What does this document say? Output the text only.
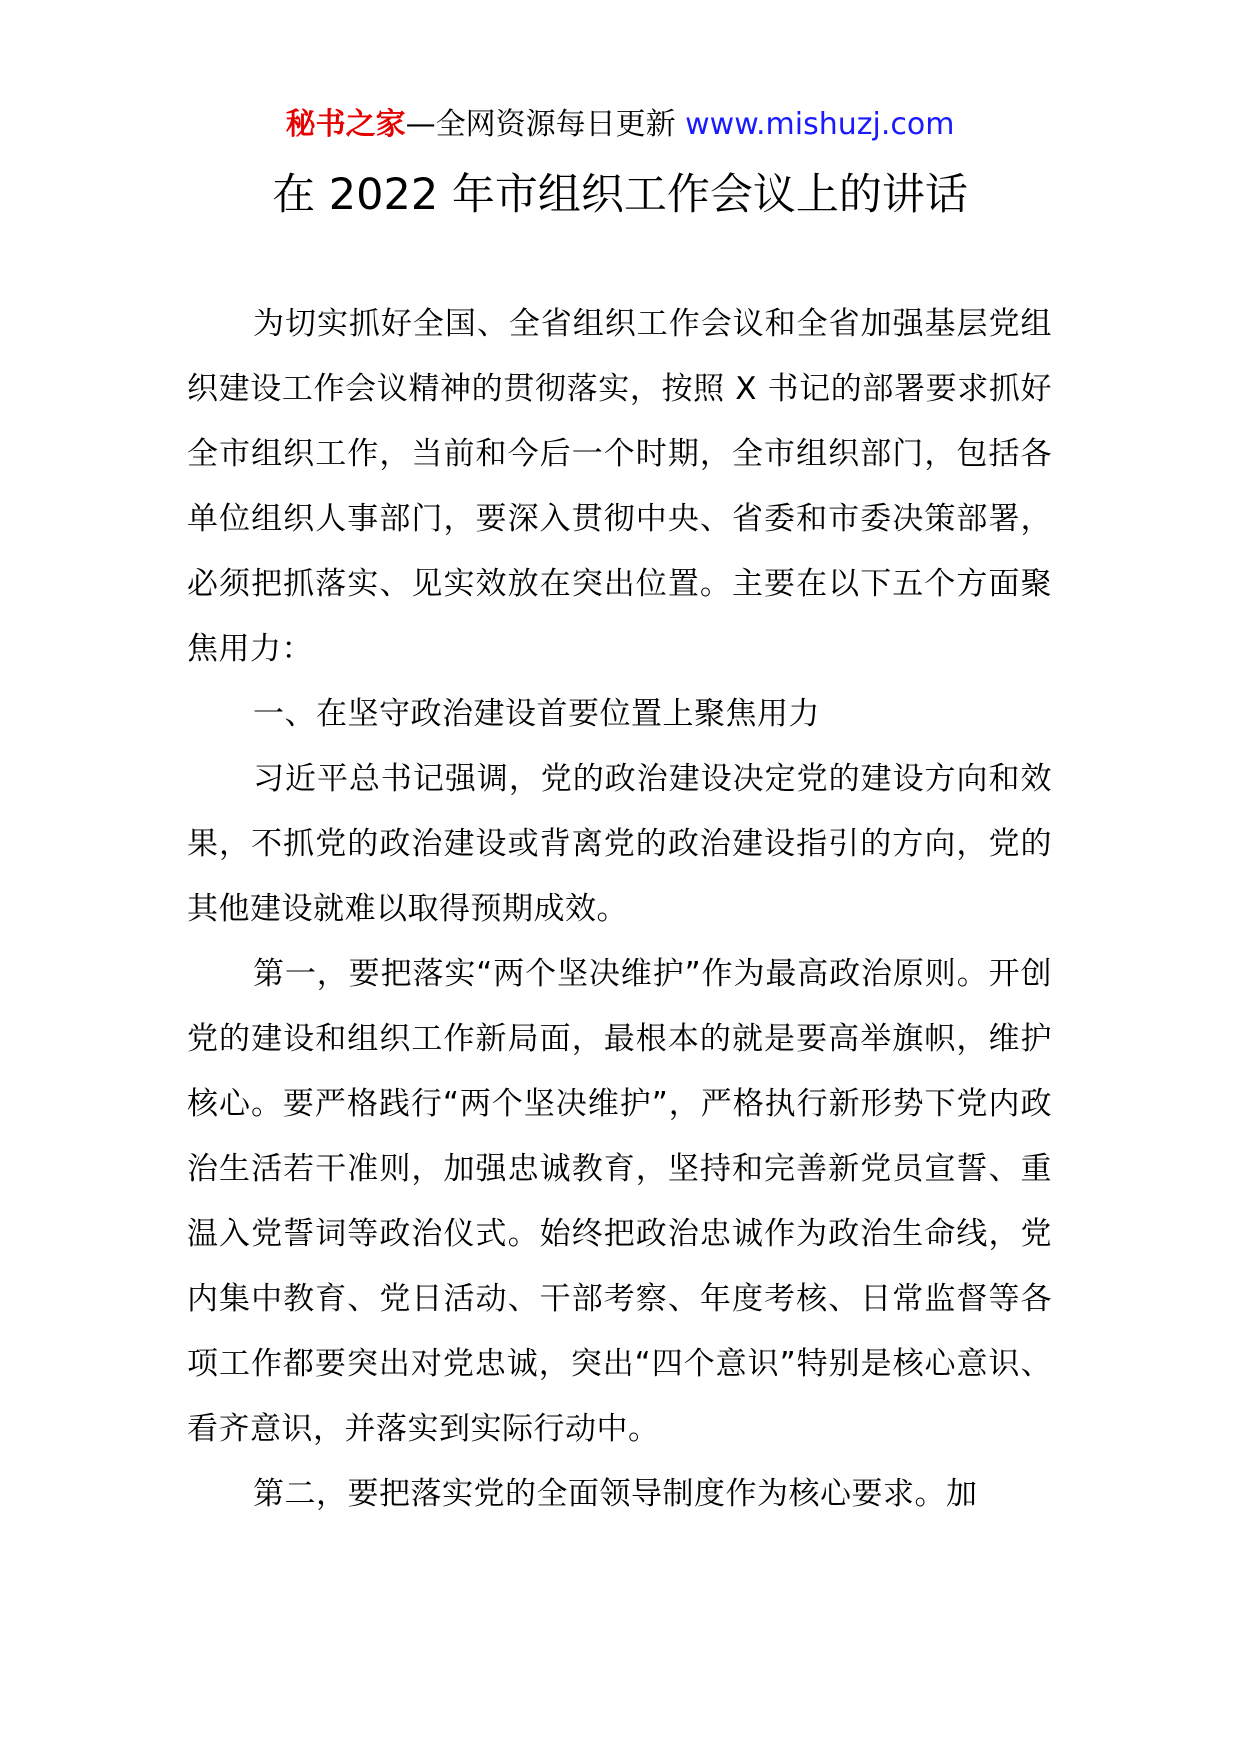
秘书之家—全网资源每日更新 www.mishuzj.com
在 2022 年市组织工作会议上的讲话

为切实抓好全国、全省组织工作会议和全省加强基层党组织建设工作会议精神的贯彻落实，按照 X 书记的部署要求抓好全市组织工作，当前和今后一个时期，全市组织部门，包括各单位组织人事部门，要深入贯彻中央、省委和市委决策部署，必须把抓落实、见实效放在突出位置。主要在以下五个方面聚焦用力：

一、在坚守政治建设首要位置上聚焦用力

习近平总书记强调，党的政治建设决定党的建设方向和效果，不抓党的政治建设或背离党的政治建设指引的方向，党的其他建设就难以取得预期成效。

第一，要把落实“两个坚决维护”作为最高政治原则。开创党的建设和组织工作新局面，最根本的就是要高举旗帜，维护核心。要严格践行“两个坚决维护”，严格执行新形势下党内政治生活若干准则，加强忠诚教育，坚持和完善新党员宣誓、重温入党誓词等政治仪式。始终把政治忠诚作为政治生命线，党内集中教育、党日活动、干部考察、年度考核、日常监督等各项工作都要突出对党忠诚，突出“四个意识”特别是核心意识、看齐意识，并落实到实际行动中。

第二，要把落实党的全面领导制度作为核心要求。加
